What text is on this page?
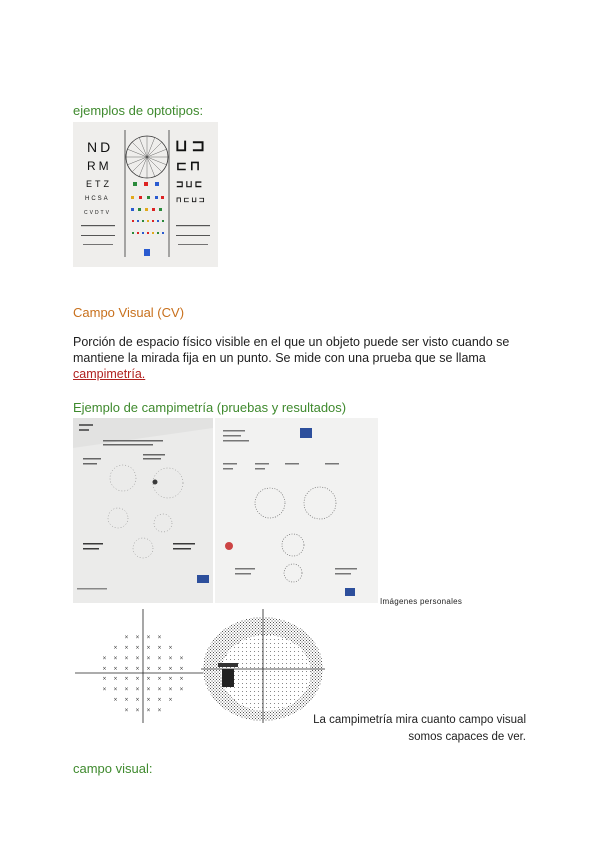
ejemplos de optotipos:
ND
RM
ETZ
HCSA
CVDTV
⊔⊐
⊏⊓
⊐⊔⊏
⊓⊏⊔⊐
Campo Visual (CV)
Porción de espacio físico visible en el que un objeto puede ser visto cuando se mantiene la mirada fija en un punto. Se mide con una prueba que se llama campimetría.
Ejemplo de campimetría (pruebas y resultados)
Imágenes personales
× × × ×
× × × × × ×
× × × × × × × ×
× × × × × × × ×
× × × × × × × ×
× × × × × × × ×
× × × × × ×
× × × ×
La campimetría mira cuanto campo visual
somos capaces de ver.
campo visual:
